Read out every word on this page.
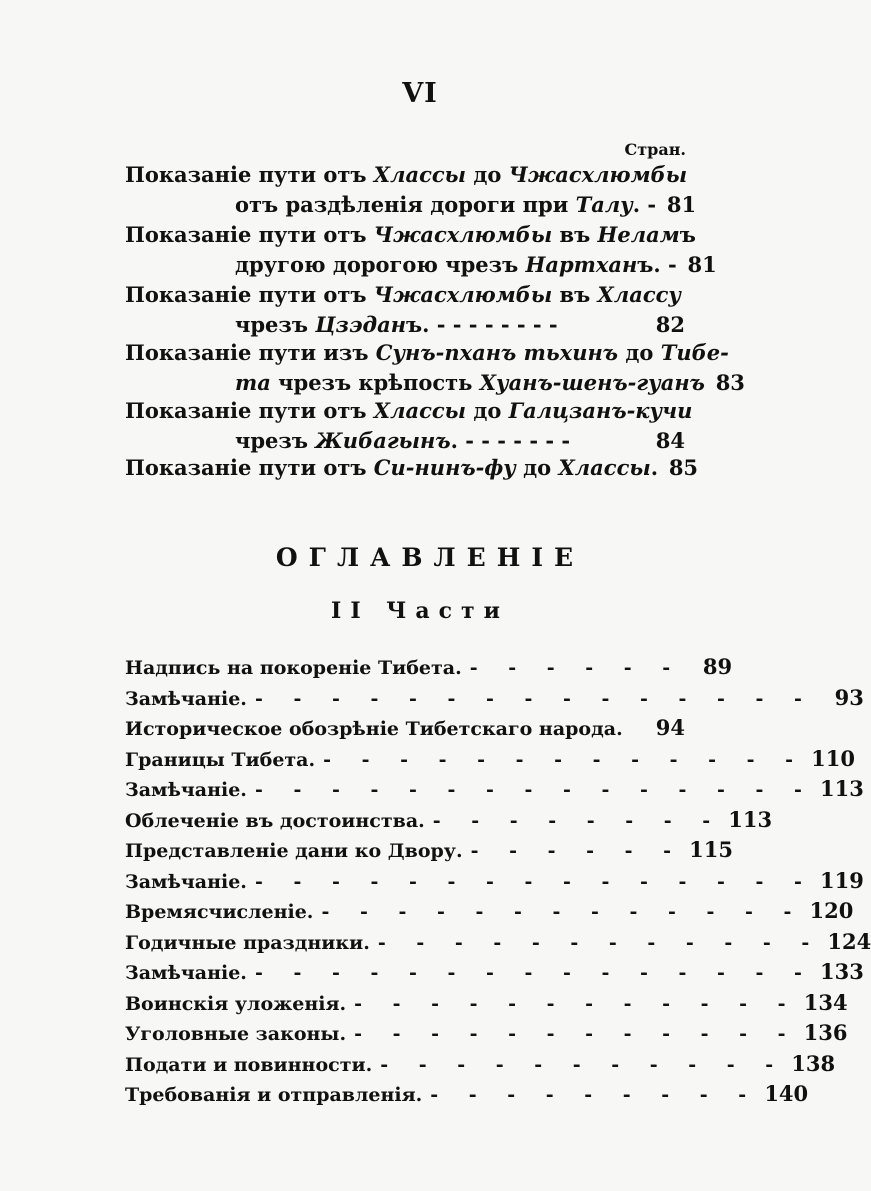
VI
Стран.
Показаніе пути отъ Хлассы до Чжасхлюмбы
отъ раздѣленія дороги при Талу. - 81
Показаніе пути отъ Чжасхлюмбы въ Неламъ
другою дорогою чрезъ Нартханъ. - 81
Показаніе пути отъ Чжасхлюмбы въ Хлассу
чрезъ Цзэданъ. - - - - - - - -	82
Показаніе пути изъ Сунъ-пханъ тьхинъ до Тибе-
та чрезъ крѣпость Хуанъ-шенъ-гуанъ 83
Показаніе пути отъ Хлассы до Галцзанъ-кучи
чрезъ Жибагынъ. - - - - - - -	84
Показаніе пути отъ Си-нинъ-фу до Хлассы. 85
ОГЛАВЛЕНІЕ
II Части
Надпись на покореніе Тибета. - - - - - - 89
Замѣчаніе. - - - - - - - - - - - - - - - 93
Историческое обозрѣніе Тибетскаго народа.	94
Границы Тибета. - - - - - - - - - - - - - 110
Замѣчаніе. - - - - - - - - - - - - - - - 113
Облеченіе въ достоинства. - - - - - - - - 113
Представленіе дани ко Двору. - - - - - - 115
Замѣчаніе. - - - - - - - - - - - - - - - 119
Времясчисленіе. - - - - - - - - - - - - - 120
Годичные праздники. - - - - - - - - - - - - 124
Замѣчаніе. - - - - - - - - - - - - - - - 133
Воинскія уложенія. - - - - - - - - - - - - 134
Уголовные законы. - - - - - - - - - - - - 136
Подати и повинности. - - - - - - - - - - - 138
Требованія и отправленія. - - - - - - - - - 140
